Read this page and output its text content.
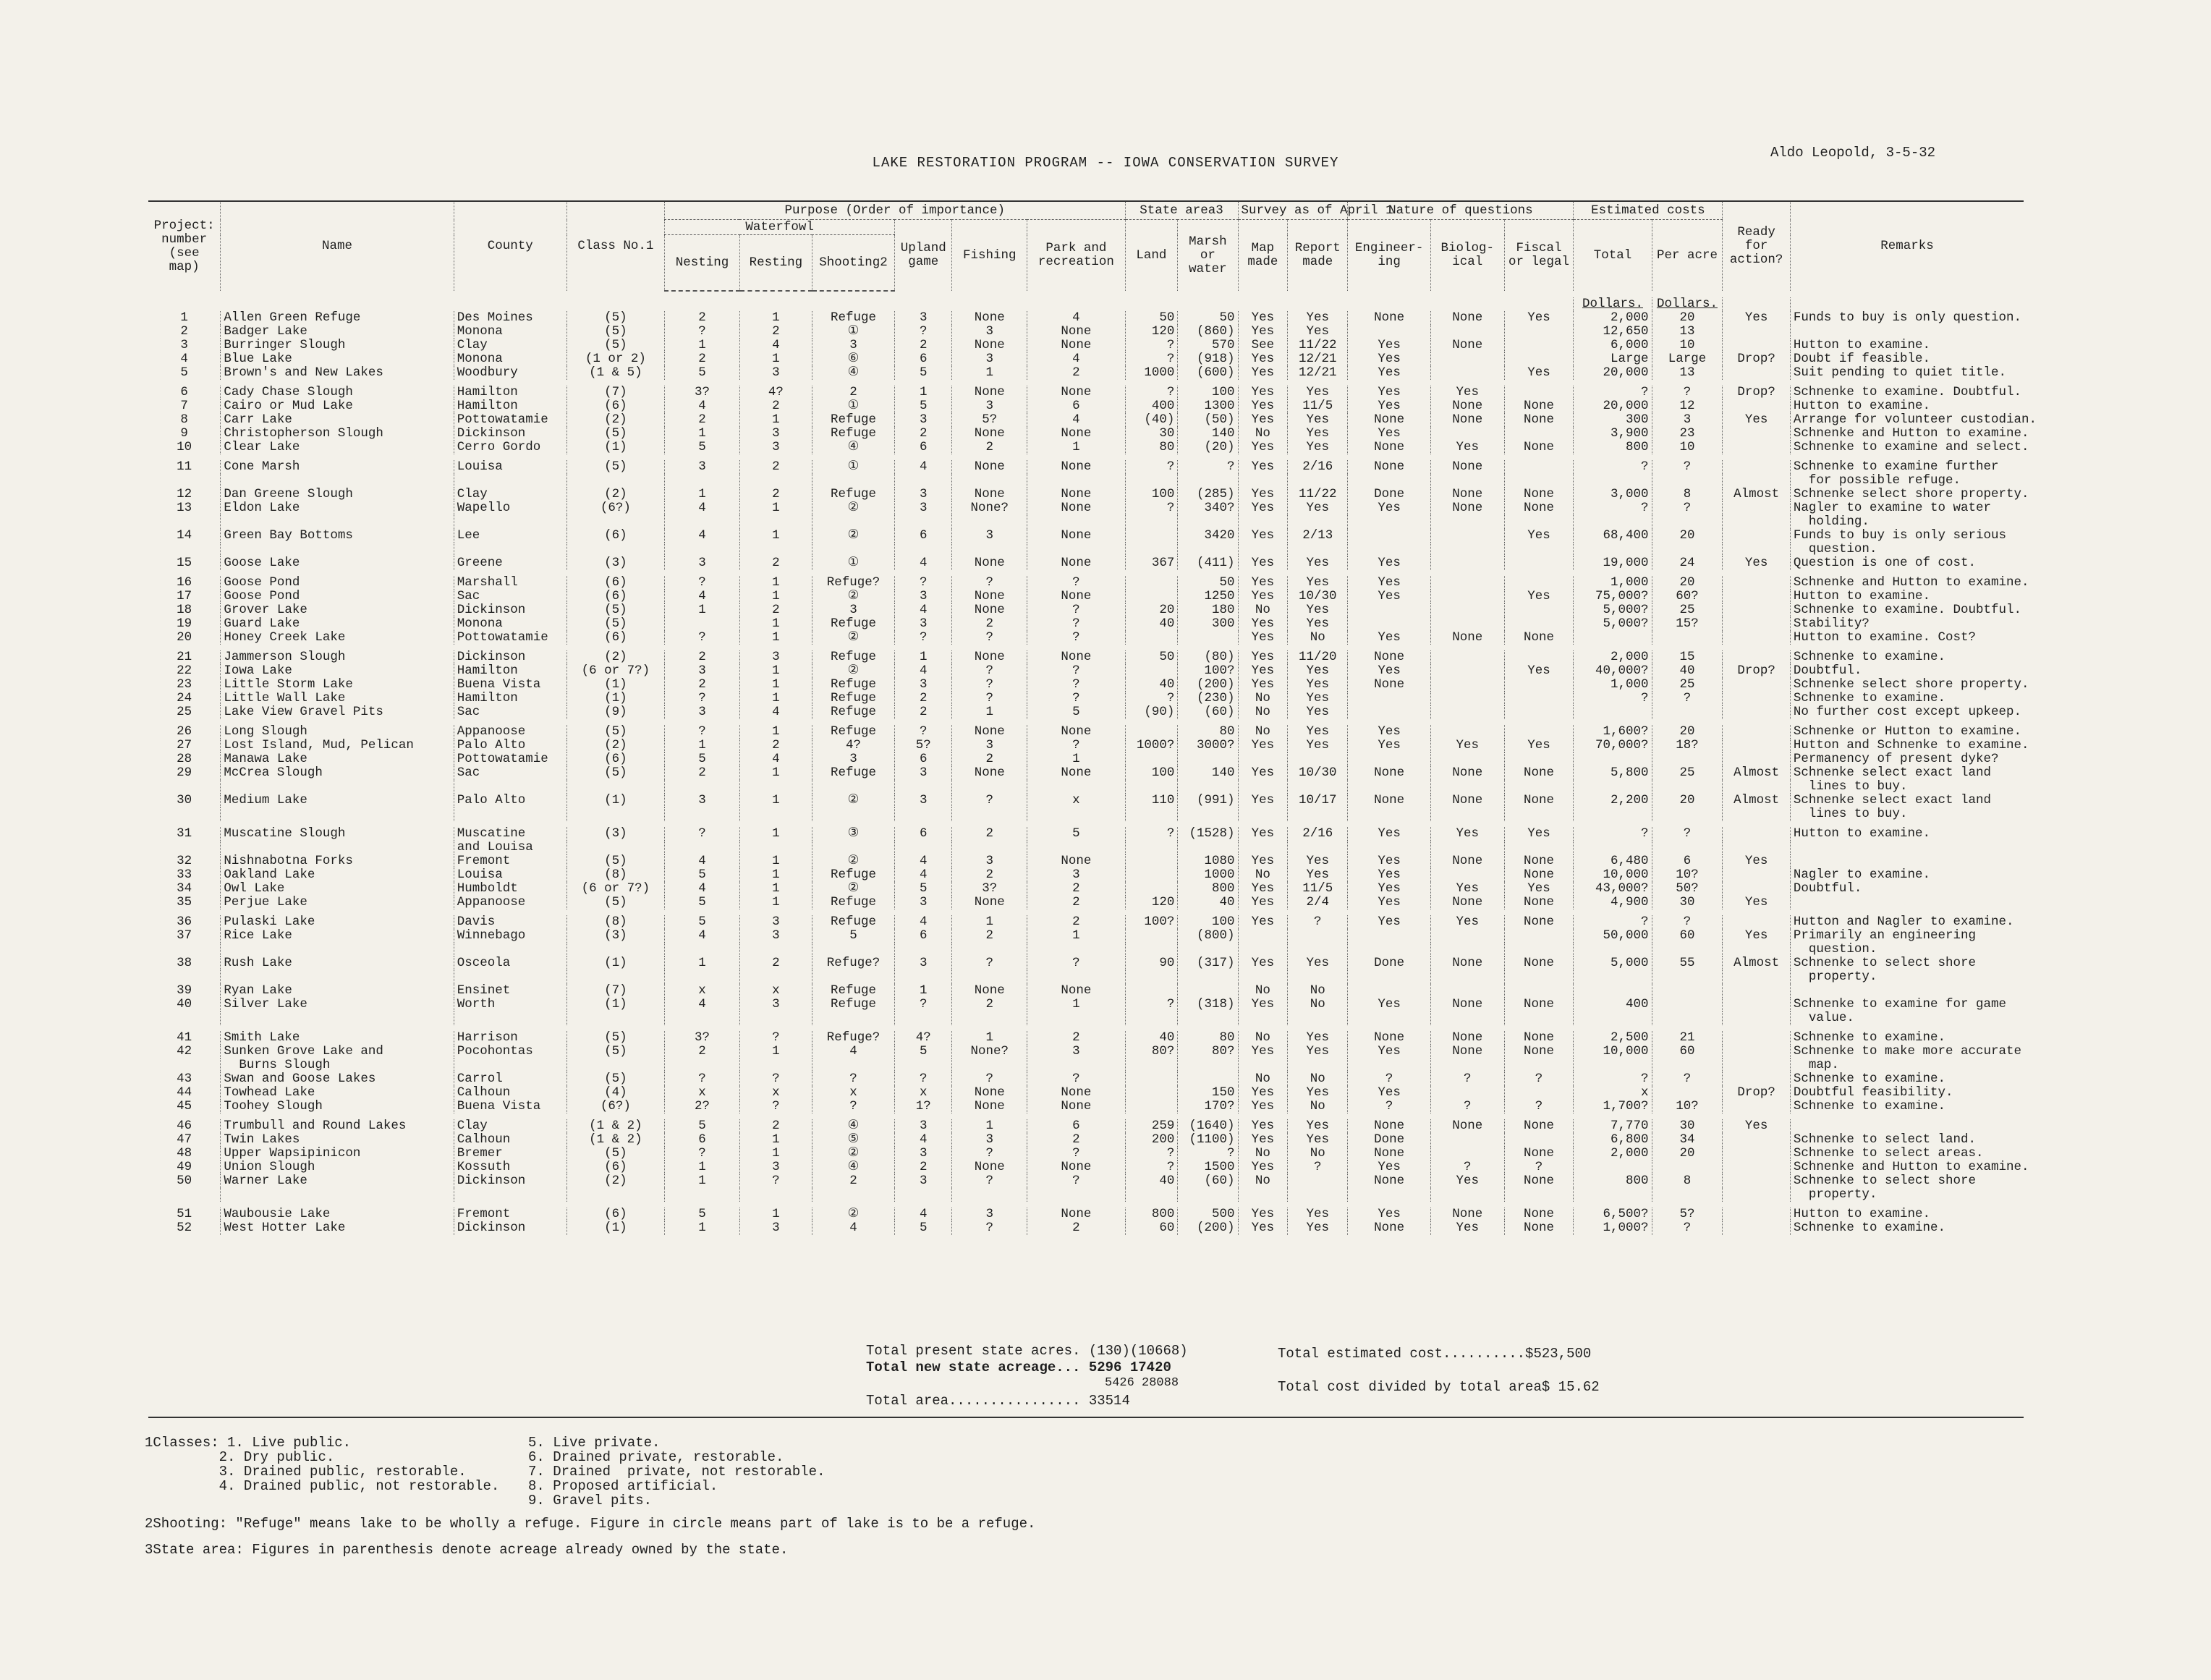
LAKE RESTORATION PROGRAM -- IOWA CONSERVATION SURVEY
Aldo Leopold, 3-5-32
Project: number (see map)	Name	County	Class No.1	Purpose (Order of importance)						State area3		Survey as of April 1		Nature of questions			Estimated costs		Ready for action?	Remarks
				Waterfowl			Upland game	Fishing	Park and recreation	Land	Marsh or water	Map made	Report made	Engineer-ing	Biolog-ical	Fiscal or legal	Total	Per acre		
				Nesting	Resting	Shooting2														

																	Dollars.	Dollars.		
1	Allen Green Refuge	Des Moines	(5)	2	1	Refuge	3	None	4	50	50	Yes	Yes	None	None	Yes	2,000	20	Yes	Funds to buy is only question.
2	Badger Lake	Monona	(5)	?	2	①	?	3	None	120	(860)	Yes	Yes				12,650	13		
3	Burringer Slough	Clay	(5)	1	4	3	2	None	None	?	570	See	11/22	Yes	None		6,000	10		Hutton to examine.
4	Blue Lake	Monona	(1 or 2)	2	1	⑥	6	3	4	?	(918)	Yes	12/21	Yes			Large	Large	Drop?	Doubt if feasible.
5	Brown's and New Lakes	Woodbury	(1 & 5)	5	3	④	5	1	2	1000	(600)	Yes	12/21	Yes		Yes	20,000	13		Suit pending to quiet title.

6	Cady Chase Slough	Hamilton	(7)	3?	4?	2	1	None	None	?	100	Yes	Yes	Yes	Yes		?	?	Drop?	Schnenke to examine. Doubtful.
7	Cairo or Mud Lake	Hamilton	(6)	4	2	①	5	3	6	400	1300	Yes	11/5	Yes	None	None	20,000	12		Hutton to examine.
8	Carr Lake	Pottowatamie	(2)	2	1	Refuge	3	5?	4	(40)	(50)	Yes	Yes	None	None	None	300	3	Yes	Arrange for volunteer custodian.
9	Christopherson Slough	Dickinson	(5)	1	3	Refuge	2	None	None	30	140	No	Yes	Yes			3,900	23		Schnenke and Hutton to examine.
10	Clear Lake	Cerro Gordo	(1)	5	3	④	6	2	1	80	(20)	Yes	Yes	None	Yes	None	800	10		Schnenke to examine and select.

11	Cone Marsh	Louisa	(5)	3	2	①	4	None	None	?	?	Yes	2/16	None	None		?	?		Schnenke to examine further
																				for possible refuge.
12	Dan Greene Slough	Clay	(2)	1	2	Refuge	3	None	None	100	(285)	Yes	11/22	Done	None	None	3,000	8	Almost	Schnenke select shore property.
13	Eldon Lake	Wapello	(6?)	4	1	②	3	None?	None	?	340?	Yes	Yes	Yes	None	None	?	?		Nagler to examine to water
																				holding.
14	Green Bay Bottoms	Lee	(6)	4	1	②	6	3	None		3420	Yes	2/13			Yes	68,400	20		Funds to buy is only serious
																				question.
15	Goose Lake	Greene	(3)	3	2	①	4	None	None	367	(411)	Yes	Yes	Yes			19,000	24	Yes	Question is one of cost.

16	Goose Pond	Marshall	(6)	?	1	Refuge?	?	?	?		50	Yes	Yes	Yes			1,000	20		Schnenke and Hutton to examine.
17	Goose Pond	Sac	(6)	4	1	②	3	None	None		1250	Yes	10/30	Yes		Yes	75,000?	60?		Hutton to examine.
18	Grover Lake	Dickinson	(5)	1	2	3	4	None	?	20	180	No	Yes				5,000?	25		Schnenke to examine. Doubtful.
19	Guard Lake	Monona	(5)		1	Refuge	3	2	?	40	300	Yes	Yes				5,000?	15?		Stability?
20	Honey Creek Lake	Pottowatamie	(6)	?	1	②	?	?	?			Yes	No	Yes	None	None				Hutton to examine. Cost?

21	Jammerson Slough	Dickinson	(2)	2	3	Refuge	1	None	None	50	(80)	Yes	11/20	None			2,000	15		Schnenke to examine.
22	Iowa Lake	Hamilton	(6 or 7?)	3	1	②	4	?	?		100?	Yes	Yes	Yes		Yes	40,000?	40	Drop?	Doubtful.
23	Little Storm Lake	Buena Vista	(1)	2	1	Refuge	3	?	?	40	(200)	Yes	Yes	None			1,000	25		Schnenke select shore property.
24	Little Wall Lake	Hamilton	(1)	?	1	Refuge	2	?	?	?	(230)	No	Yes				?	?		Schnenke to examine.
25	Lake View Gravel Pits	Sac	(9)	3	4	Refuge	2	1	5	(90)	(60)	No	Yes							No further cost except upkeep.

26	Long Slough	Appanoose	(5)	?	1	Refuge	?	None	None		80	No	Yes	Yes			1,600?	20		Schnenke or Hutton to examine.
27	Lost Island, Mud, Pelican	Palo Alto	(2)	1	2	4?	5?	3	?	1000?	3000?	Yes	Yes	Yes	Yes	Yes	70,000?	18?		Hutton and Schnenke to examine.
28	Manawa Lake	Pottowatamie	(6)	5	4	3	6	2	1											Permanency of present dyke?
29	McCrea Slough	Sac	(5)	2	1	Refuge	3	None	None	100	140	Yes	10/30	None	None	None	5,800	25	Almost	Schnenke select exact land
																				lines to buy.
30	Medium Lake	Palo Alto	(1)	3	1	②	3	?	x	110	(991)	Yes	10/17	None	None	None	2,200	20	Almost	Schnenke select exact land
																				lines to buy.

31	Muscatine Slough	Muscatine	(3)	?	1	③	6	2	5	?	(1528)	Yes	2/16	Yes	Yes	Yes	?	?		Hutton to examine.
		and Louisa																		
32	Nishnabotna Forks	Fremont	(5)	4	1	②	4	3	None		1080	Yes	Yes	Yes	None	None	6,480	6	Yes	
33	Oakland Lake	Louisa	(8)	5	1	Refuge	4	2	3		1000	No	Yes	Yes		None	10,000	10?		Nagler to examine.
34	Owl Lake	Humboldt	(6 or 7?)	4	1	②	5	3?	2		800	Yes	11/5	Yes	Yes	Yes	43,000?	50?		Doubtful.
35	Perjue Lake	Appanoose	(5)	5	1	Refuge	3	None	2	120	40	Yes	2/4	Yes	None	None	4,900	30	Yes	

36	Pulaski Lake	Davis	(8)	5	3	Refuge	4	1	2	100?	100	Yes	?	Yes	Yes	None	?	?		Hutton and Nagler to examine.
37	Rice Lake	Winnebago	(3)	4	3	5	6	2	1		(800)						50,000	60	Yes	Primarily an engineering
																				question.
38	Rush Lake	Osceola	(1)	1	2	Refuge?	3	?	?	90	(317)	Yes	Yes	Done	None	None	5,000	55	Almost	Schnenke to select shore
																				property.
39	Ryan Lake	Ensinet	(7)	x	x	Refuge	1	None	None			No	No							
40	Silver Lake	Worth	(1)	4	3	Refuge	?	2	1	?	(318)	Yes	No	Yes	None	None	400			Schnenke to examine for game
																				value.

41	Smith Lake	Harrison	(5)	3?	?	Refuge?	4?	1	2	40	80	No	Yes	None	None	None	2,500	21		Schnenke to examine.
42	Sunken Grove Lake and	Pocohontas	(5)	2	1	4	5	None?	3	80?	80?	Yes	Yes	Yes	None	None	10,000	60		Schnenke to make more accurate
	Burns Slough																			map.
43	Swan and Goose Lakes	Carrol	(5)	?	?	?	?	?	?			No	No	?	?	?	?	?		Schnenke to examine.
44	Towhead Lake	Calhoun	(4)	x	x	x	x	None	None		150	Yes	Yes	Yes			x		Drop?	Doubtful feasibility.
45	Toohey Slough	Buena Vista	(6?)	2?	?	?	1?	None	None		170?	Yes	No	?	?	?	1,700?	10?		Schnenke to examine.

46	Trumbull and Round Lakes	Clay	(1 & 2)	5	2	④	3	1	6	259	(1640)	Yes	Yes	None	None	None	7,770	30	Yes	
47	Twin Lakes	Calhoun	(1 & 2)	6	1	⑤	4	3	2	200	(1100)	Yes	Yes	Done			6,800	34		Schnenke to select land.
48	Upper Wapsipinicon	Bremer	(5)	?	1	②	3	?	?	?	?	No	No	None		None	2,000	20		Schnenke to select areas.
49	Union Slough	Kossuth	(6)	1	3	④	2	None	None	?	1500	Yes	?	Yes	?	?				Schnenke and Hutton to examine.
50	Warner Lake	Dickinson	(2)	1	?	2	3	?	?	40	(60)	No		None	Yes	None	800	8		Schnenke to select shore
																				property.

51	Waubousie Lake	Fremont	(6)	5	1	②	4	3	None	800	500	Yes	Yes	Yes	None	None	6,500?	5?		Hutton to examine.
52	West Hotter Lake	Dickinson	(1)	1	3	4	5	?	2	60	(200)	Yes	Yes	None	Yes	None	1,000?	?		Schnenke to examine.
Total present state acres. (130)(10668)
Total new state acreage... 5296 17420
5426 28088
Total area................ 33514
Total estimated cost..........$523,500
Total cost divided by total area$ 15.62
1Classes: 1. Live public.
2. Dry public.
3. Drained public, restorable.
4. Drained public, not restorable.
5. Live private.
6. Drained private, restorable.
7. Drained  private, not restorable.
8. Proposed artificial.
9. Gravel pits.
2Shooting: "Refuge" means lake to be wholly a refuge. Figure in circle means part of lake is to be a refuge.
3State area: Figures in parenthesis denote acreage already owned by the state.
